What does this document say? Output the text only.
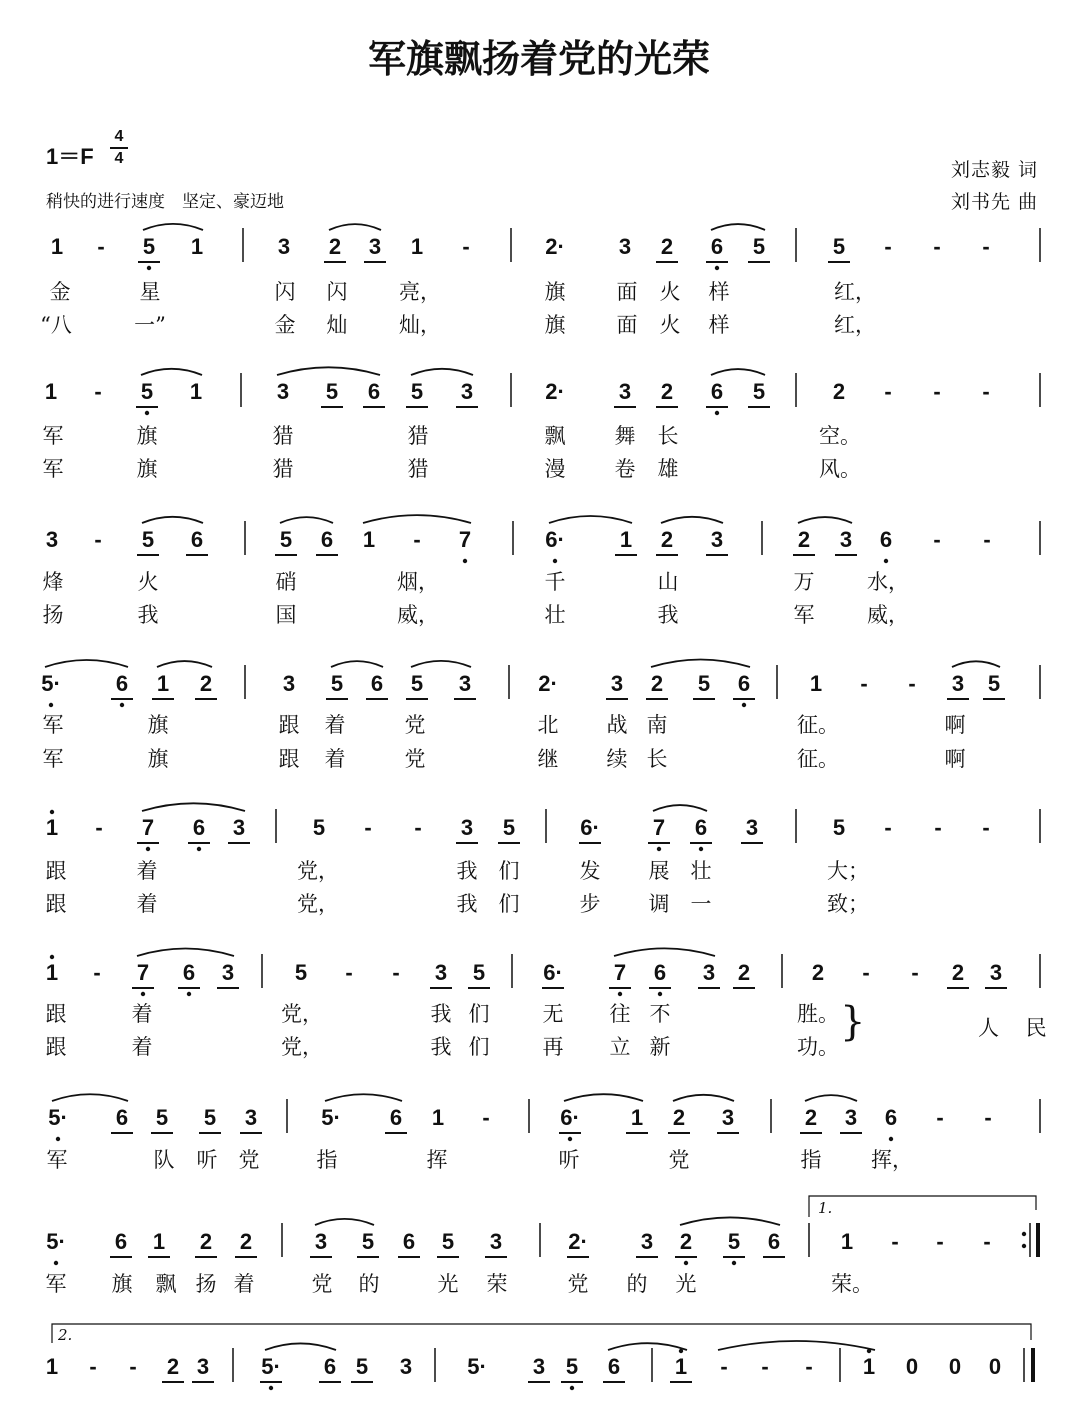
军旗飘扬着党的光荣
1＝F
4
4
稍快的进行速度　坚定、豪迈地
刘志毅 词
刘书先 曲
}	人 民
1.
2.
1 - 5 1	3 2 3 1 -	2· 3 2 6 5	5 - - -
金	星	闪 闪 亮，	旗 面 火 样	红，
“八	一”	金 灿 灿，	旗 面 火 样	红，
1 - 5 1	3 5 6 5 3	2· 3 2 6 5	2 - - -
军	旗	猎	猎	飘 舞 长	空。
军	旗	猎	猎	漫 卷 雄	风。
3 - 5 6	5 6 1 - 7	6·	1 2 3	2 3 6 - -
烽	火	硝	烟，	千	山	万	水，
扬	我	国	威，	壮	我	军	威，
5·	6 1 2	3 5 6 5 3	2· 3 2 5 6	1 - - 3 5
军	旗	跟 着	党	北 战 南	征。	啊
军	旗	跟 着	党	继 续 长	征。	啊
1 - 7 6 3	5 - - 3 5	6· 7 6 3	5 - - -
跟	着	党，	我 们	发 展 壮	大；
跟	着	党，	我 们	步 调 一	致；
1 - 7 6 3	5 - - 3 5	6· 7 6 3 2	2 - - 2 3
跟	着	党，	我 们	无 往 不	胜。
跟	着	党，	我 们	再 立 新	功。
5· 6 5 5 3	5· 6 1 -	6· 1 2 3	2 3 6 - -
军	队 听 党	指	挥	听	党	指 挥，
5· 6 1 2 2	3 5 6 5 3	2· 3 2 5 6	1 - - -
军 旗 飘 扬 着	党 的	光 荣	党 的 光	荣。
1 - - 2 3 5· 6 5 3	5· 3 5 6 1 - - - 1 0 0 0
